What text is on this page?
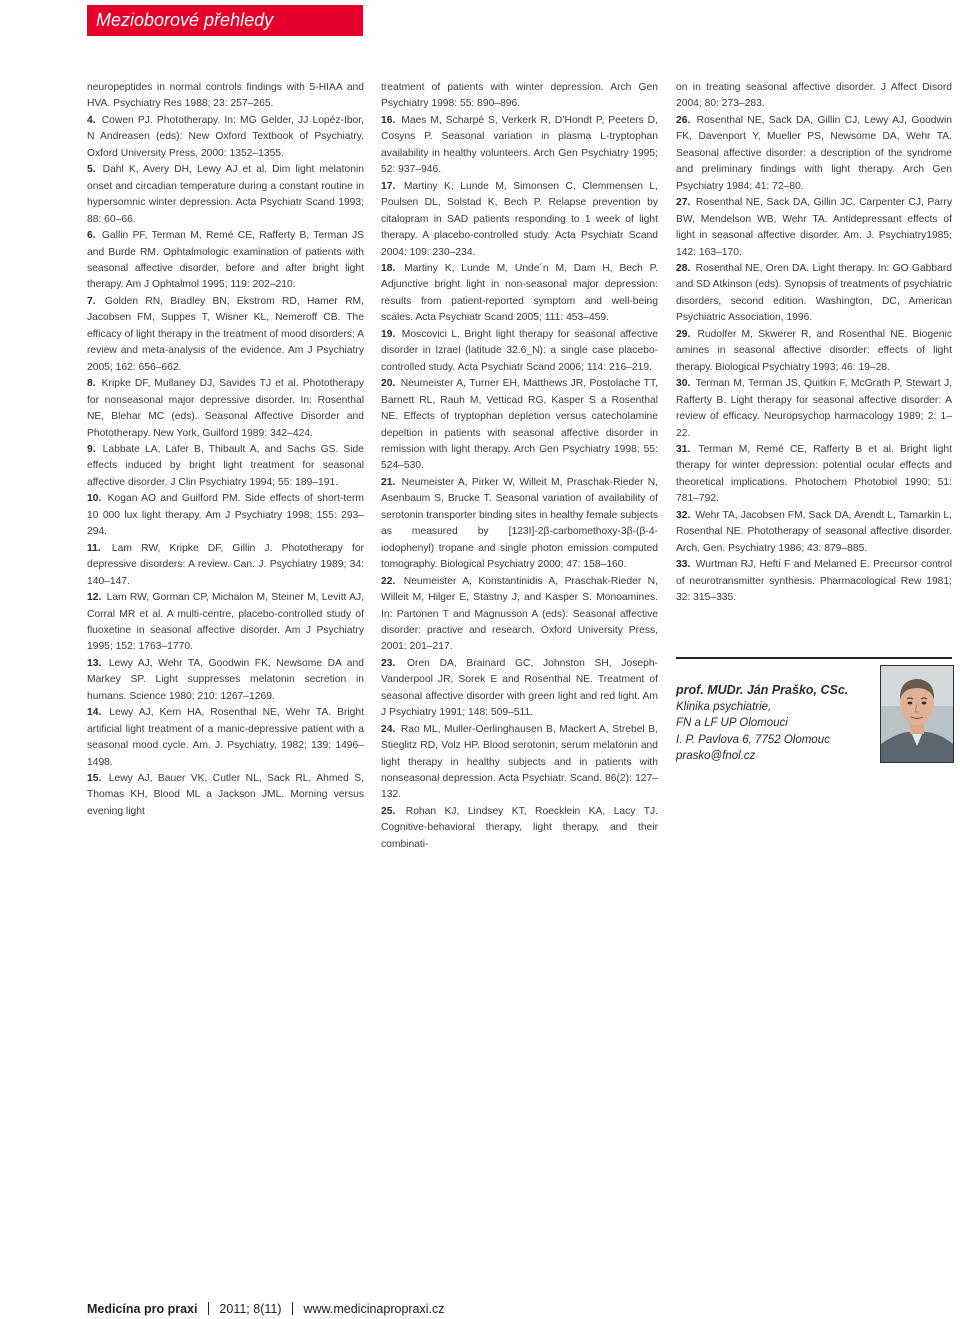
Mezioborové přehledy

neuropeptides in normal controls findings with 5-HIAA and HVA. Psychiatry Res 1988; 23: 257–265.

4. Cowen PJ. Phototherapy. In: MG Gelder, JJ Lopéz-Ibor, N Andreasen (eds): New Oxford Textbook of Psychiatry. Oxford University Press, 2000: 1352–1355.

5. Dahl K, Avery DH, Lewy AJ et al. Dim light melatonin onset and circadian temperature during a constant routine in hypersomnic winter depression. Acta Psychiatr Scand 1993; 88: 60–66.

6. Gallin PF, Terman M, Remé CE, Rafferty B, Terman JS and Burde RM. Ophtalmologic examination of patients with seasonal affective disorder, before and after bright light therapy. Am J Ophtalmol 1995; 119: 202–210.

7. Golden RN, Bradley BN, Ekstrom RD, Hamer RM, Jacobsen FM, Suppes T, Wisner KL, Nemeroff CB. The efficacy of light therapy in the treatment of mood disorders: A review and meta-analysis of the evidence. Am J Psychiatry 2005; 162: 656–662.

8. Kripke DF, Mullaney DJ, Savides TJ et al. Phototherapy for nonseasonal major depressive disorder. In: Rosenthal NE, Blehar MC (eds). Seasonal Affective Disorder and Phototherapy. New York, Guilford 1989: 342–424.

9. Labbate LA, Lafer B, Thibault A, and Sachs GS. Side effects induced by bright light treatment for seasonal affective disorder. J Clin Psychiatry 1994; 55: 189–191.

10. Kogan AO and Guilford PM. Side effects of short-term 10 000 lux light therapy. Am J Psychiatry 1998; 155: 293–294.

11. Lam RW, Kripke DF, Gillin J. Phototherapy for depressive disorders: A review. Can. J. Psychiatry 1989; 34: 140–147.

12. Lam RW, Gorman CP, Michalon M, Steiner M, Levitt AJ, Corral MR et al. A multi-centre, placebo-controlled study of fluoxetine in seasonal affective disorder. Am J Psychiatry 1995; 152: 1763–1770.

13. Lewy AJ, Wehr TA, Goodwin FK, Newsome DA and Markey SP. Light suppresses melatonin secretion in humans. Science 1980; 210: 1267–1269.

14. Lewy AJ, Kern HA, Rosenthal NE, Wehr TA. Bright artificial light treatment of a manic-depressive patient with a seasonal mood cycle. Am. J. Psychiatry, 1982; 139: 1496–1498.

15. Lewy AJ, Bauer VK, Cutler NL, Sack RL, Ahmed S, Thomas KH, Blood ML a Jackson JML. Morning versus evening light

treatment of patients with winter depression. Arch Gen Psychiatry 1998: 55: 890–896.

16. Maes M, Scharpé S, Verkerk R, D’Hondt P, Peeters D, Cosyns P. Seasonal variation in plasma L-tryptophan availability in healthy volunteers. Arch Gen Psychiatry 1995; 52: 937–946.

17. Martiny K, Lunde M, Simonsen C, Clemmensen L, Poulsen DL, Solstad K, Bech P. Relapse prevention by citalopram in SAD patients responding to 1 week of light therapy. A placebo-controlled study. Acta Psychiatr Scand 2004: 109: 230–234.

18. Martiny K, Lunde M, Unde´n M, Dam H, Bech P. Adjunctive bright light in non-seasonal major depression: results from patient-reported symptom and well-being scales. Acta Psychiatr Scand 2005; 111: 453–459.

19. Moscovici L. Bright light therapy for seasonal affective disorder in Izrael (latitude 32.6_N): a single case placebo-controlled study. Acta Psychiatr Scand 2006; 114: 216–219.

20. Neumeister A, Turner EH, Matthews JR, Postolache TT, Barnett RL, Rauh M, Vetticad RG, Kasper S a Rosenthal NE. Effects of tryptophan depletion versus catecholamine depeltion in patients with seasonal affective disorder in remission with light therapy. Arch Gen Psychiatry 1998: 55: 524–530.

21. Neumeister A, Pirker W, Willeit M, Praschak-Rieder N, Asenbaum S, Brucke T. Seasonal variation of availability of serotonin transporter binding sites in healthy female subjects as measured by [123I]-2β-carbomethoxy-3β-(β-4-iodophenyl) tropane and single photon emission computed tomography. Biological Psychiatry 2000; 47: 158–160.

22. Neumeister A, Konstantinidis A, Praschak-Rieder N, Willeit M, Hilger E, Stastny J, and Kasper S. Monoamines. In: Partonen T and Magnusson A (eds): Seasonal affective disorder: practive and research. Oxford University Press, 2001: 201–217.

23. Oren DA, Brainard GC, Johnston SH, Joseph-Vanderpool JR, Sorek E and Rosenthal NE. Treatment of seasonal affective disorder with green light and red light. Am J Psychiatry 1991; 148: 509–511.

24. Rao ML, Muller-Oerlinghausen B, Mackert A, Strebel B, Stieglitz RD, Volz HP. Blood serotonin, serum melatonin and light therapy in healthy subjects and in patients with nonseasonal depression. Acta Psychiatr. Scand. 86(2): 127–132.

25. Rohan KJ, Lindsey KT, Roecklein KA, Lacy TJ. Cognitive-behavioral therapy, light therapy, and their combinati-

on in treating seasonal affective disorder. J Affect Disord 2004; 80: 273–283.

26. Rosenthal NE, Sack DA, Gillin CJ, Lewy AJ, Goodwin FK, Davenport Y, Mueller PS, Newsome DA, Wehr TA. Seasonal affective disorder: a description of the syndrome and preliminary findings with light therapy. Arch Gen Psychiatry 1984; 41: 72–80.

27. Rosenthal NE, Sack DA, Gillin JC, Carpenter CJ, Parry BW, Mendelson WB, Wehr TA. Antidepressant effects of light in seasonal affective disorder. Am. J. Psychiatry1985; 142: 163–170.

28. Rosenthal NE, Oren DA. Light therapy. In: GO Gabbard and SD Atkinson (eds). Synopsis of treatments of psychiatric disorders, second edition. Washington, DC, American Psychiatric Association, 1996.

29. Rudolfer M, Skwerer R, and Rosenthal NE. Biogenic amines in seasonal affective disorder: effects of light therapy. Biological Psychiatry 1993; 46: 19–28.

30. Terman M, Terman JS, Quitkin F, McGrath P, Stewart J, Rafferty B. Light therapy for seasonal affective disorder: A review of efficacy. Neuropsychop harmacology 1989; 2: 1–22.

31. Terman M, Remé CE, Rafferty B et al. Bright light therapy for winter depression: potential ocular effects and theoretical implications. Photochem Photobiol 1990; 51: 781–792.

32. Wehr TA, Jacobsen FM, Sack DA, Arendt L, Tamarkin L, Rosenthal NE. Phototherapy of seasonal affective disorder. Arch. Gen. Psychiatry 1986; 43: 879–885.

33. Wurtman RJ, Hefti F and Melamed E. Precursor control of neurotransmitter synthesis. Pharmacological Rew 1981; 32: 315–335.

prof. MUDr. Ján Praško, CSc.
Klinika psychiatrie,
FN a LF UP Olomouci
I. P. Pavlova 6, 7752 Olomouc
prasko@fnol.cz
Medicína pro praxi 2011; 8(11) www.medicinapropraxi.cz
